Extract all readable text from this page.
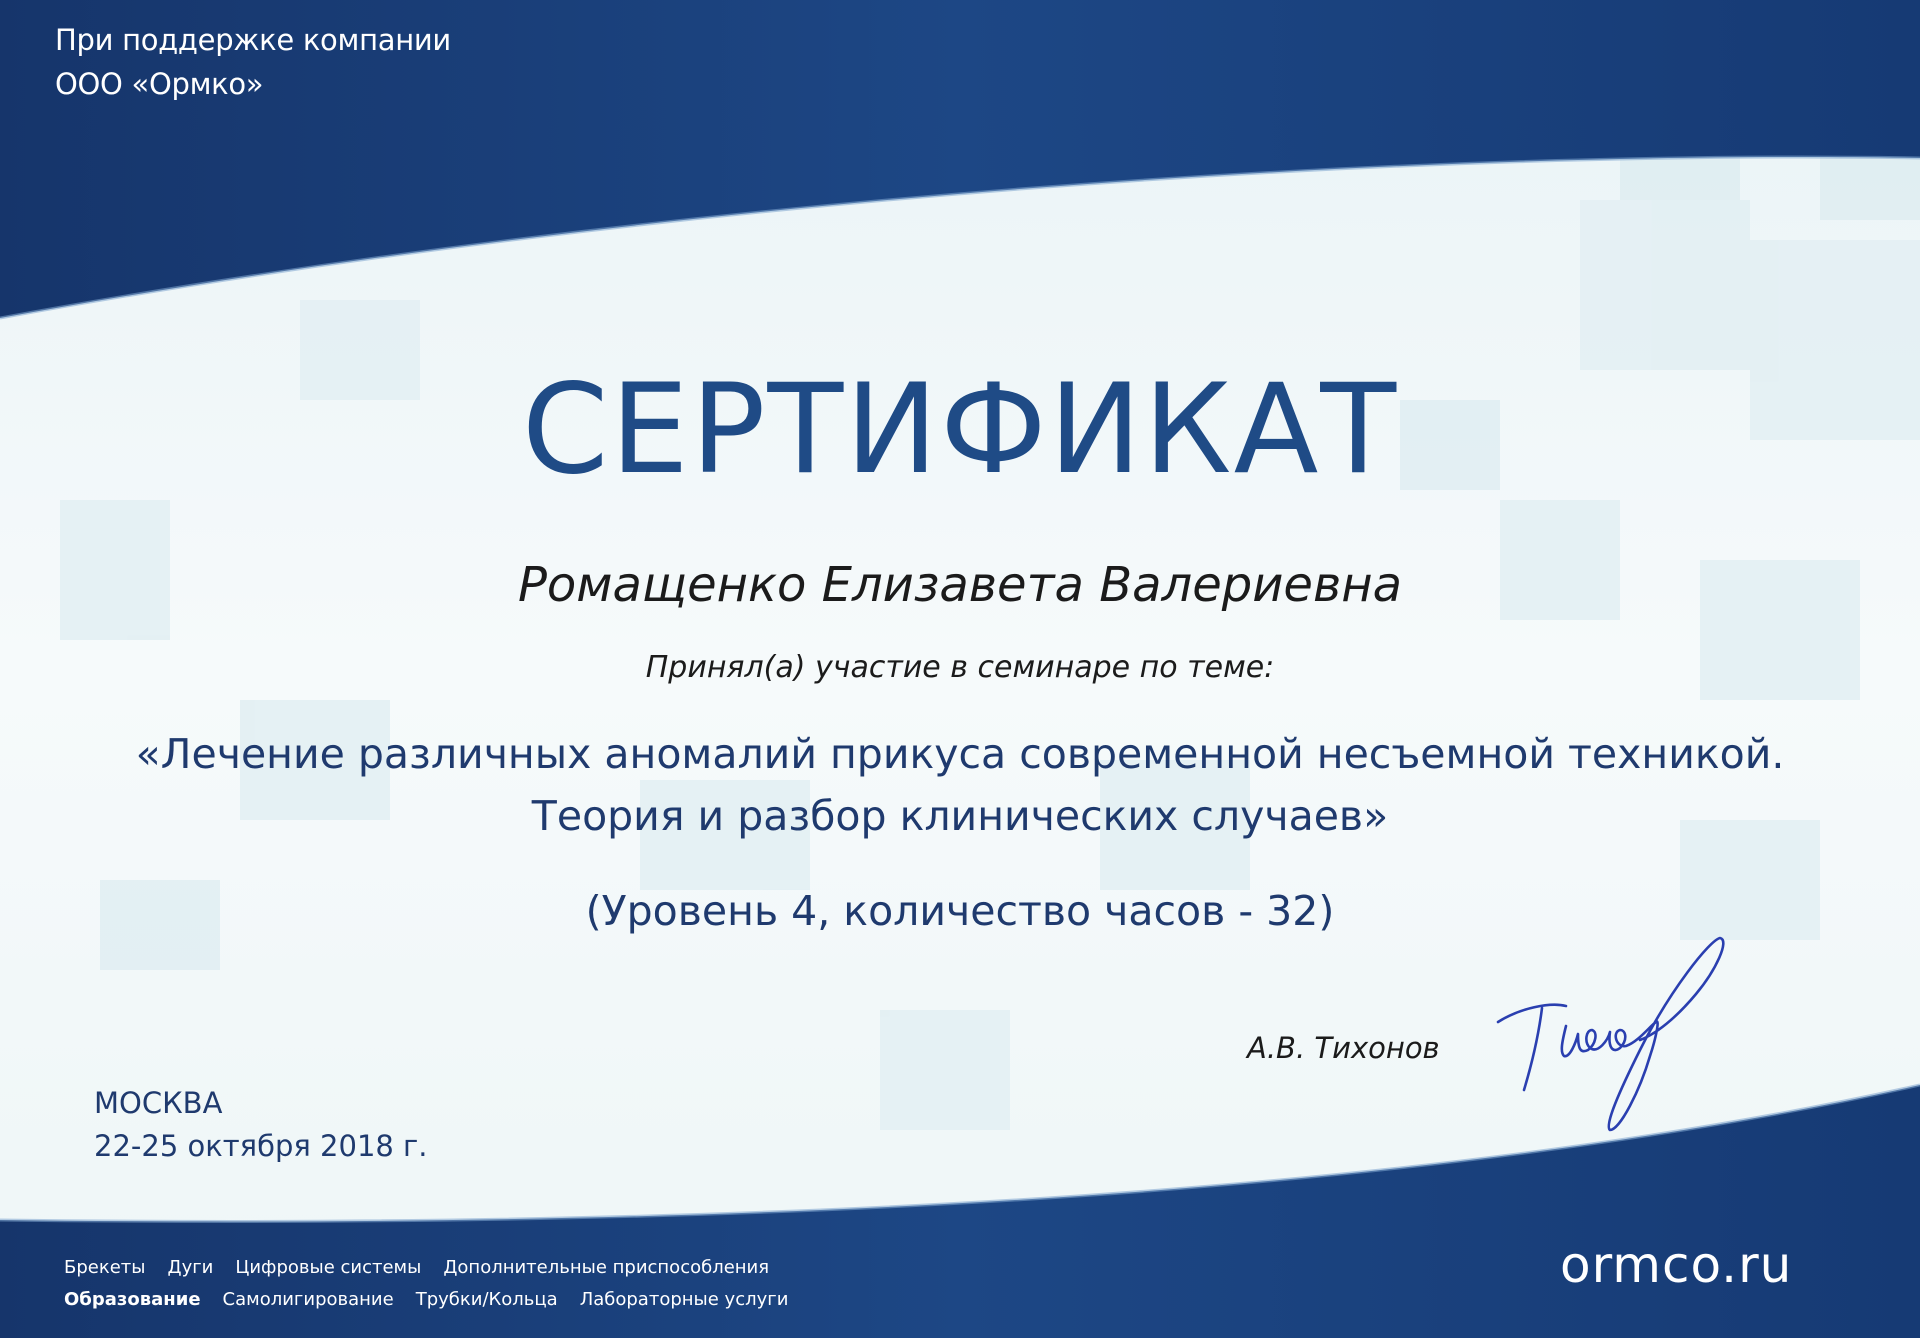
При поддержке компании
ООО «Ормко»
СЕРТИФИКАТ
Ромащенко Елизавета Валериевна
Принял(а) участие в семинаре по теме:
«Лечение различных аномалий прикуса современной несъемной техникой.
Теория и разбор клинических случаев»
(Уровень 4, количество часов - 32)
А.В. Тихонов
МОСКВА
22-25 октября 2018 г.
Брекеты Дуги Цифровые системы Дополнительные приспособления
Образование Самолигирование Трубки/Кольца Лабораторные услуги
ormco.ru
